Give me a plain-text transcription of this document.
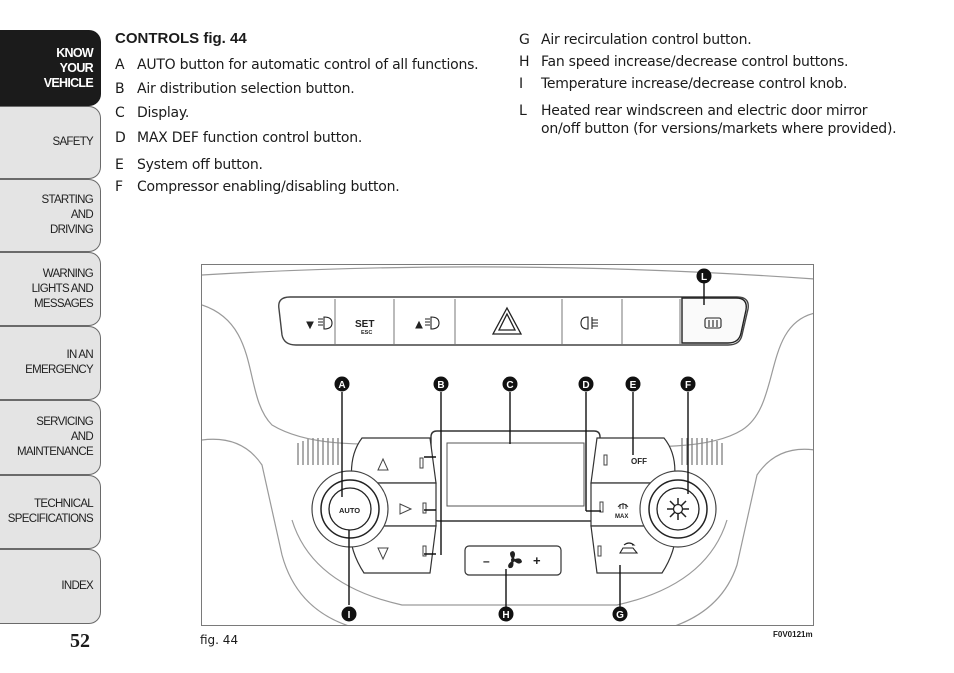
KNOW
YOUR
VEHICLE
SAFETY
STARTING
AND
DRIVING
WARNING
LIGHTS AND
MESSAGES
IN AN
EMERGENCY
SERVICING
AND
MAINTENANCE
TECHNICAL
SPECIFICATIONS
INDEX
52
CONTROLS fig. 44
A AUTO button for automatic control of all functions.
B Air distribution selection button.
C Display.
D MAX DEF function control button.
E System off button.
F	Compressor enabling/disabling button.
G Air recirculation control button.
H Fan speed increase/decrease control buttons.
I	Temperature increase/decrease control knob.
L	Heated rear windscreen and electric door mirror on/off button (for versions/markets where provided).
SET
ESC
AUTO
OFF
MAX
–	+
A	B	C	D	E	F
G
H
I
L
fig. 44	F0V0121m
